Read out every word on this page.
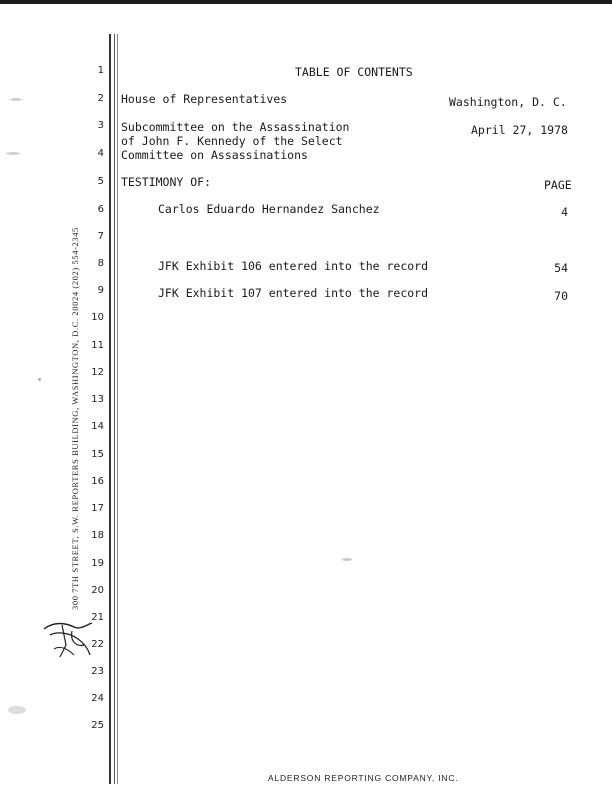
300 7TH STREET, S.W. REPORTERS BUILDING, WASHINGTON, D.C. 20024 (202) 554-2345
1
2
3
4
5
6
7
8
9
10
11
12
13
14
15
16
17
18
19
20
21
22
23
24
25
TABLE OF CONTENTS
House of Representatives	Washington, D. C.
Subcommittee on the Assassination
of John F. Kennedy of the Select
Committee on Assassinations
April 27, 1978
TESTIMONY OF:	PAGE
Carlos Eduardo Hernandez Sanchez	4
JFK Exhibit 106 entered into the record	54
JFK Exhibit 107 entered into the record	70
ALDERSON REPORTING COMPANY, INC.
